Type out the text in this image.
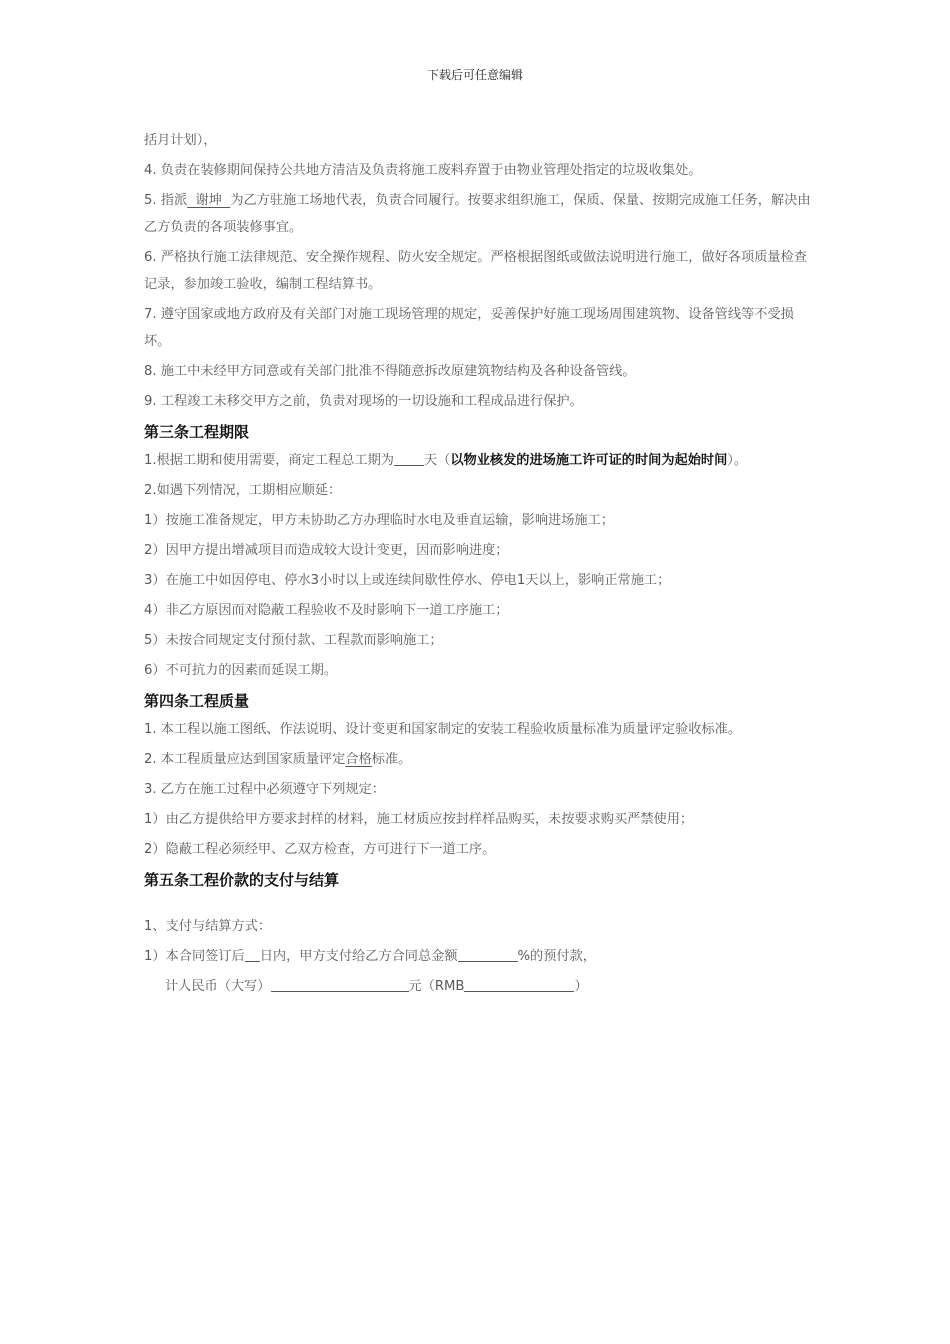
下载后可任意编辑
括月计划），
4. 负责在装修期间保持公共地方清洁及负责将施工废料弃置于由物业管理处指定的垃圾收集处。
5. 指派  谢坤  为乙方驻施工场地代表，负责合同履行。按要求组织施工，保质、保量、按期完成施工任务，解决由乙方负责的各项装修事宜。
6. 严格执行施工法律规范、安全操作规程、防火安全规定。严格根据图纸或做法说明进行施工，做好各项质量检查记录，参加竣工验收，编制工程结算书。
7. 遵守国家或地方政府及有关部门对施工现场管理的规定，妥善保护好施工现场周围建筑物、设备管线等不受损坏。
8. 施工中未经甲方同意或有关部门批准不得随意拆改原建筑物结构及各种设备管线。
9. 工程竣工未移交甲方之前，负责对现场的一切设施和工程成品进行保护。
第三条工程期限
1.根据工期和使用需要，商定工程总工期为 天（以物业核发的进场施工许可证的时间为起始时间）。
2.如遇下列情况，工期相应顺延：
1）按施工准备规定，甲方未协助乙方办理临时水电及垂直运输，影响进场施工；
2）因甲方提出增减项目而造成较大设计变更，因而影响进度；
3）在施工中如因停电、停水3小时以上或连续间歇性停水、停电1天以上，影响正常施工；
4）非乙方原因而对隐蔽工程验收不及时影响下一道工序施工；
5）未按合同规定支付预付款、工程款而影响施工；
6）不可抗力的因素而延误工期。
第四条工程质量
1. 本工程以施工图纸、作法说明、设计变更和国家制定的安装工程验收质量标准为质量评定验收标准。
2. 本工程质量应达到国家质量评定合格标准。
3. 乙方在施工过程中必须遵守下列规定：
1）由乙方提供给甲方要求封样的材料，施工材质应按封样样品购买，未按要求购买严禁使用；
2）隐蔽工程必须经甲、乙双方检查，方可进行下一道工序。
第五条工程价款的支付与结算
1、支付与结算方式：
1）本合同签订后 日内，甲方支付给乙方合同总金额	%的预付款，
计人民币（大写）	元（RMB	）
